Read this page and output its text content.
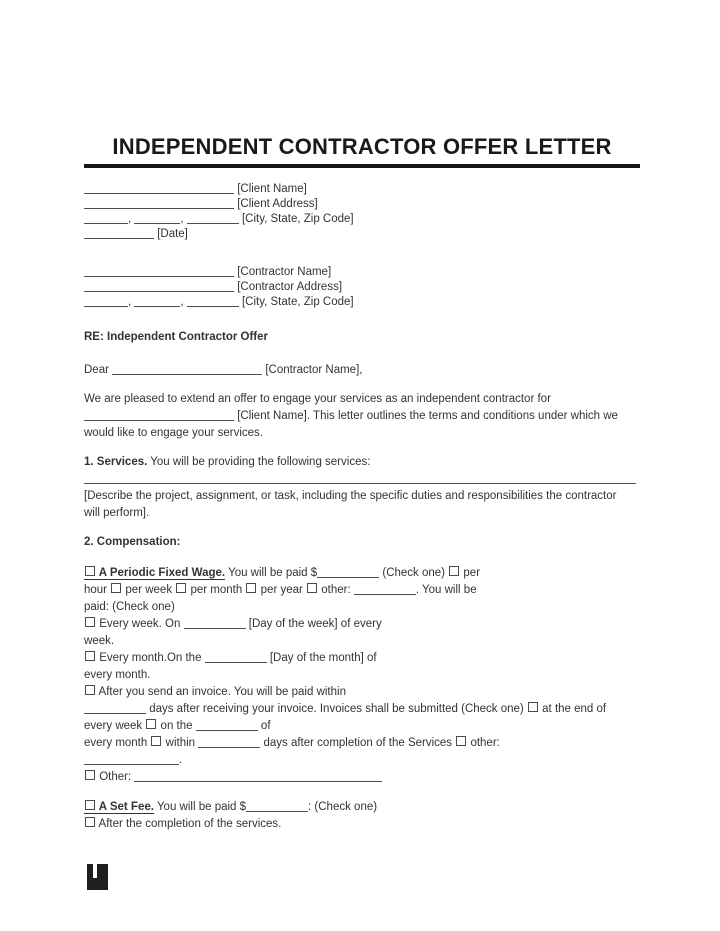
INDEPENDENT CONTRACTOR OFFER LETTER
[Client Name]
[Client Address]
,	,	[City, State, Zip Code]
[Date]
[Contractor Name]
[Contractor Address]
,	,	[City, State, Zip Code]
RE: Independent Contractor Offer
Dear	[Contractor Name],
We are pleased to extend an offer to engage your services as an independent contractor for
[Client Name]. This letter outlines the terms and conditions under which we
would like to engage your services.
1. Services. You will be providing the following services:
[Describe the project, assignment, or task, including the specific duties and responsibilities the contractor
will perform].
2. Compensation:
A Periodic Fixed Wage. You will be paid $	(Check one)  per
hour  per week  per month  per year  other:	. You will be
paid: (Check one)
Every week. On	[Day of the week] of every
week.
Every month.On the	[Day of the month] of
every month.
After you send an invoice. You will be paid within
days after receiving your invoice. Invoices shall be submitted (Check one)  at the end of
every week  on the	of
every month  within	days after completion of the Services  other:
.
Other:
A Set Fee. You will be paid $	: (Check one)
After the completion of the services.
